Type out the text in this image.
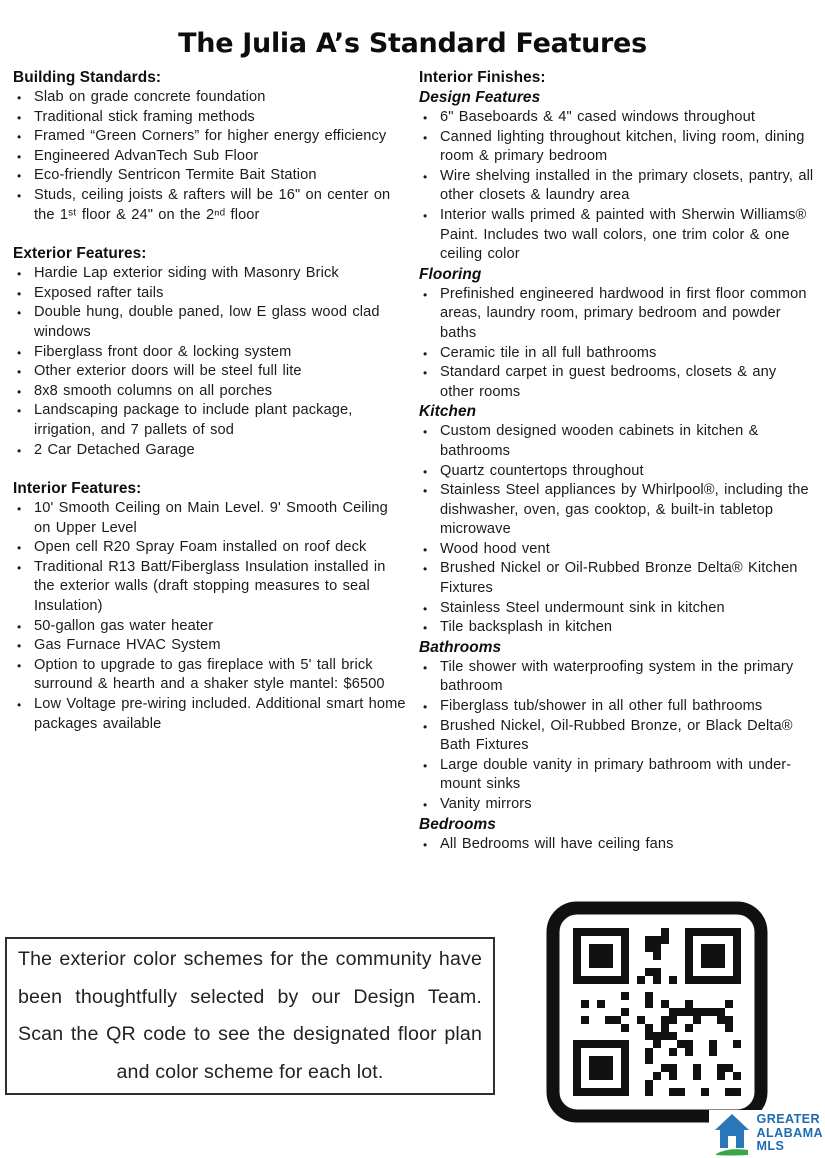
The Julia A’s Standard Features
Building Standards:
• Slab on grade concrete foundation
• Traditional stick framing methods
• Framed “Green Corners” for higher energy efficiency
• Engineered AdvanTech Sub Floor
• Eco-friendly Sentricon Termite Bait Station
• Studs, ceiling joists & rafters will be 16" on center on the 1ˢᵗ floor & 24" on the 2ⁿᵈ floor
Exterior Features:
• Hardie Lap exterior siding with Masonry Brick
• Exposed rafter tails
• Double hung, double paned, low E glass wood clad windows
• Fiberglass front door & locking system
• Other exterior doors will be steel full lite
• 8x8 smooth columns on all porches
• Landscaping package to include plant package, irrigation, and 7 pallets of sod
• 2 Car Detached Garage
Interior Features:
• 10' Smooth Ceiling on Main Level. 9' Smooth Ceiling on Upper Level
• Open cell R20 Spray Foam installed on roof deck
• Traditional R13 Batt/Fiberglass Insulation installed in the exterior walls (draft stopping measures to seal Insulation)
• 50-gallon gas water heater
• Gas Furnace HVAC System
• Option to upgrade to gas fireplace with 5' tall brick surround & hearth and a shaker style mantel: $6500
• Low Voltage pre-wiring included. Additional smart home packages available
Interior Finishes:
Design Features
• 6" Baseboards & 4" cased windows throughout
• Canned lighting throughout kitchen, living room, dining room & primary bedroom
• Wire shelving installed in the primary closets, pantry, all other closets & laundry area
• Interior walls primed & painted with Sherwin Williams® Paint. Includes two wall colors, one trim color & one ceiling color
Flooring
• Prefinished engineered hardwood in first floor common areas, laundry room, primary bedroom and powder baths
• Ceramic tile in all full bathrooms
• Standard carpet in guest bedrooms, closets & any other rooms
Kitchen
• Custom designed wooden cabinets in kitchen & bathrooms
• Quartz countertops throughout
• Stainless Steel appliances by Whirlpool®, including the dishwasher, oven, gas cooktop, & built-in tabletop microwave
• Wood hood vent
• Brushed Nickel or Oil-Rubbed Bronze Delta® Kitchen Fixtures
• Stainless Steel undermount sink in kitchen
• Tile backsplash in kitchen
Bathrooms
• Tile shower with waterproofing system in the primary bathroom
• Fiberglass tub/shower in all other full bathrooms
• Brushed Nickel, Oil-Rubbed Bronze, or Black Delta® Bath Fixtures
• Large double vanity in primary bathroom with under-mount sinks
• Vanity mirrors
Bedrooms
• All Bedrooms will have ceiling fans

The exterior color schemes for the community have been thoughtfully selected by our Design Team. Scan the QR code to see the designated floor plan and color scheme for each lot.

GREATER
ALABAMA
MLS
